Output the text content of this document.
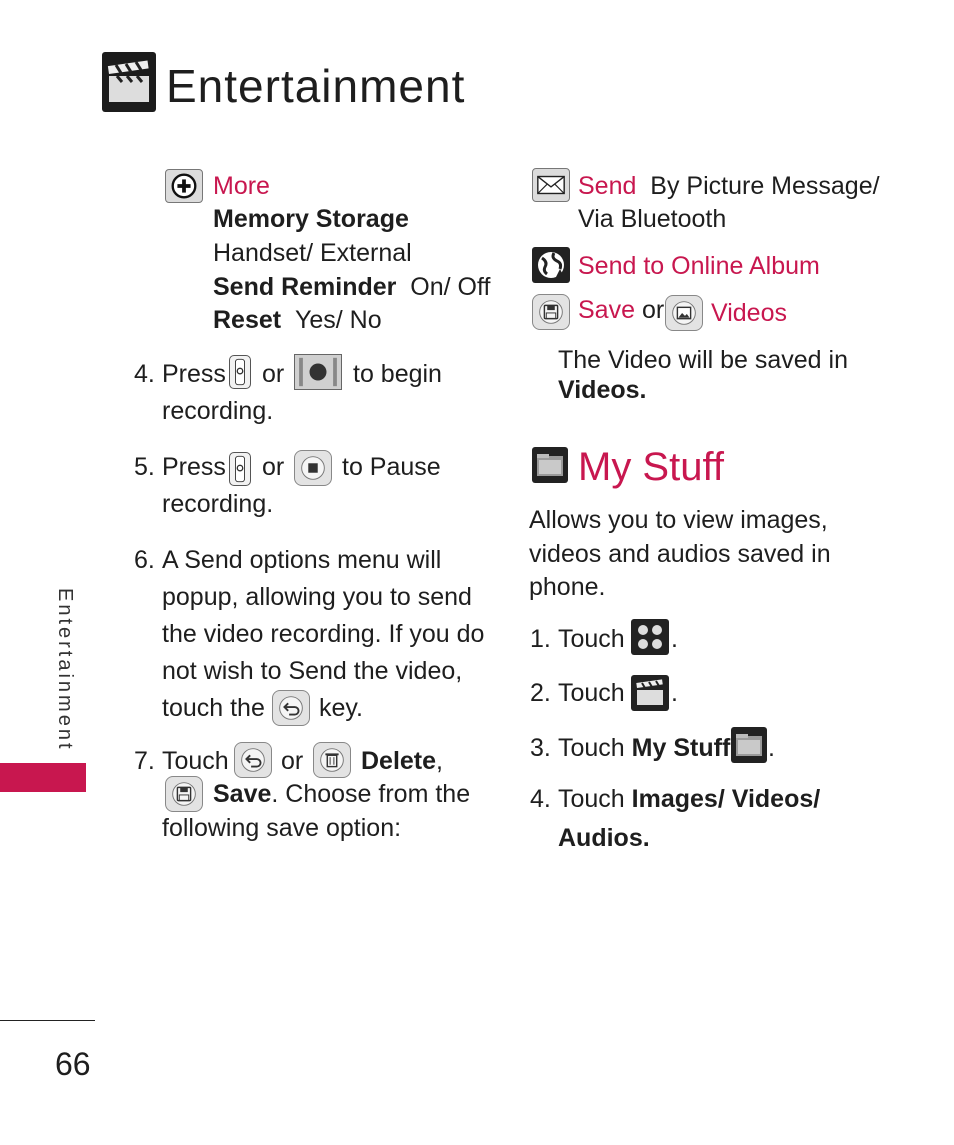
Entertainment
Entertainment
66
More
Memory Storage
Handset/ External
Send Reminder On/ Off
Reset Yes/ No
4. Press or	to begin
recording.
5. Press or to Pause
recording.
6. A Send options menu will
popup, allowing you to send
the video recording. If you do
not wish to Send the video,
touch the key.
7. Touch or Delete,
Save. Choose from the
following save option:
Send By Picture Message/
Via Bluetooth
Send to Online Album
Save or Videos
The Video will be saved in
Videos.
My Stuff
Allows you to view images,
videos and audios saved in
phone.
1. Touch .
2. Touch .
3. Touch My Stuff .
4. Touch Images/ Videos/
Audios.
